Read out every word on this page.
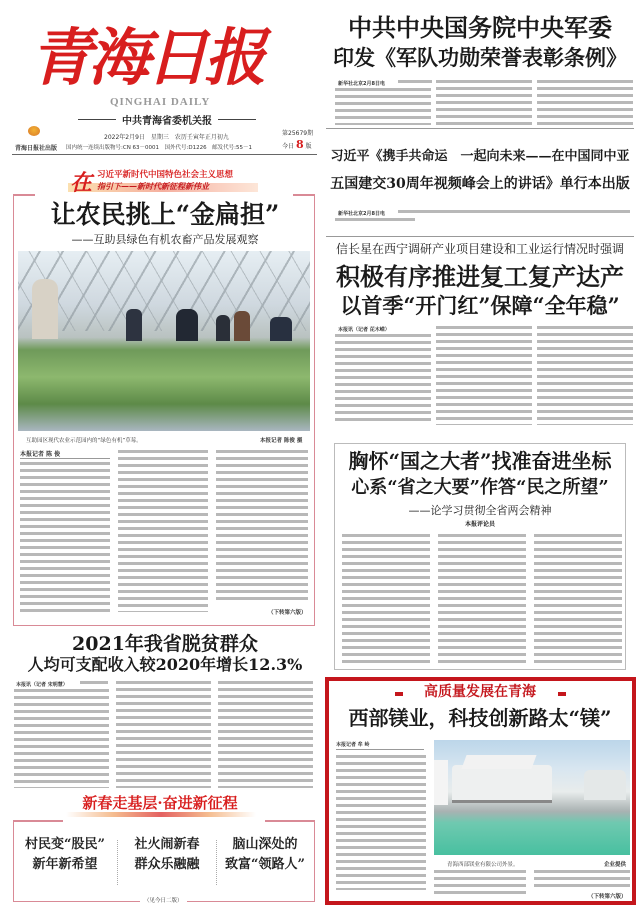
青海日报
QINGHAI DAILY
中共青海省委机关报
青海日报社出版
2022年2月9日　星期三　农历壬寅年正月初九
国内统一连续出版物号:CN 63－0001　国外代号:D1226　邮发代号:55－1
第25679期
今日 8 版
中共中央国务院中央军委
印发《军队功勋荣誉表彰条例》
新华社北京2月8日电
习近平《携手共命运　一起向未来——在中国同中亚
五国建交30周年视频峰会上的讲话》单行本出版
新华社北京2月8日电
信长星在西宁调研产业项目建设和工业运行情况时强调
积极有序推进复工复产达产
以首季“开门红”保障“全年稳”
本报讯（记者 芘木嵘）
胸怀“国之大者”找准奋进坐标
心系“省之大要”作答“民之所望”
——论学习贯彻全省两会精神
本报评论员
在 习近平新时代中国特色社会主义思想
指引下——新时代新征程新伟业
让农民挑上“金扁担”
——互助县绿色有机农畜产品发展观察
互助园区现代农业示范园内的“绿色有机”草莓。	本报记者 陈俊 摄
本报记者 陈 俊
（下转第六版）
2021年我省脱贫群众
人均可支配收入较2020年增长12.3%
本报讯（记者 宋明慧）
新春走基层·奋进新征程
村民变“股民”
新年新希望
社火闹新春
群众乐融融
脑山深处的
致富“领路人”
（见今日二版）
高质量发展在青海
西部镁业，科技创新路太“镁”
本报记者 牟 岭
青海西部镁业有限公司外景。	企业提供
（下转第六版）
